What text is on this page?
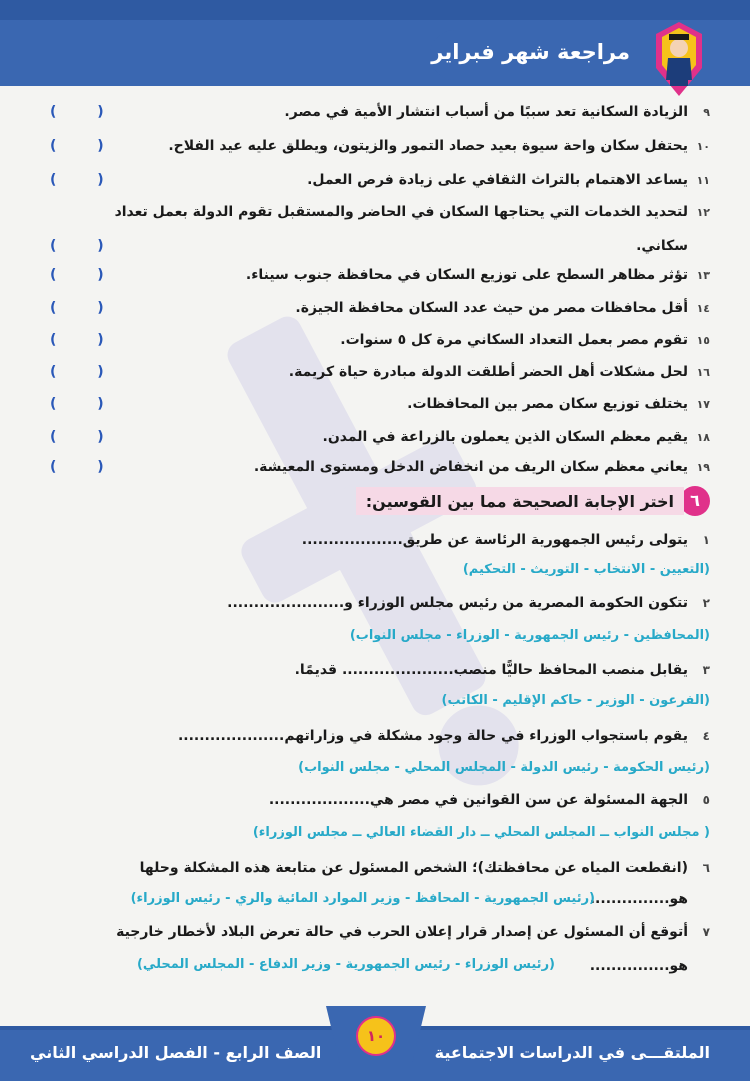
مراجعة شهر فبراير
٩الزيادة السكانية تعد سببًا من أسباب انتشار الأمية في مصر.
( )
١٠يحتفل سكان واحة سيوة بعيد حصاد التمور والزيتون، ويطلق عليه عيد الفلاح.
( )
١١يساعد الاهتمام بالتراث الثقافي على زيادة فرص العمل.
( )
١٢لتحديد الخدمات التي يحتاجها السكان في الحاضر والمستقبل تقوم الدولة بعمل تعداد
سكاني.
( )
١٣تؤثر مظاهر السطح على توزيع السكان في محافظة جنوب سيناء.
( )
١٤أقل محافظات مصر من حيث عدد السكان محافظة الجيزة.
( )
١٥تقوم مصر بعمل التعداد السكاني مرة كل ٥ سنوات.
( )
١٦لحل مشكلات أهل الحضر أطلقت الدولة مبادرة حياة كريمة.
( )
١٧يختلف توزيع سكان مصر بين المحافظات.
( )
١٨يقيم معظم السكان الذين يعملون بالزراعة في المدن.
( )
١٩يعاني معظم سكان الريف من انخفاض الدخل ومستوى المعيشة.
( )
٦
اختر الإجابة الصحيحة مما بين القوسين:
١يتولى رئيس الجمهورية الرئاسة عن طريق...................
(التعيين - الانتخاب - التوريث - التحكيم)
٢تتكون الحكومة المصرية من رئيس مجلس الوزراء و......................
(المحافظين - رئيس الجمهورية - الوزراء - مجلس النواب)
٣يقابل منصب المحافظ حاليًّا منصب..................... قديمًا.
(الفرعون - الوزير - حاكم الإقليم - الكاتب)
٤يقوم باستجواب الوزراء في حالة وجود مشكلة في وزاراتهم....................
(رئيس الحكومة - رئيس الدولة - المجلس المحلي - مجلس النواب)
٥الجهة المسئولة عن سن القوانين في مصر هي...................
( مجلس النواب ــ المجلس المحلي ــ دار القضاء العالي ــ مجلس الوزراء)
٦(انقطعت المياه عن محافظتك)؛ الشخص المسئول عن متابعة هذه المشكلة وحلها
هو...............
(رئيس الجمهورية - المحافظ - وزير الموارد المائية والري - رئيس الوزراء)
٧أتوقع أن المسئول عن إصدار قرار إعلان الحرب في حالة تعرض البلاد لأخطار خارجية
هو...............
(رئيس الوزراء - رئيس الجمهورية - وزير الدفاع - المجلس المحلي)
١٠
الملتقـــى في الدراسات الاجتماعية
الصف الرابع - الفصل الدراسي الثاني
